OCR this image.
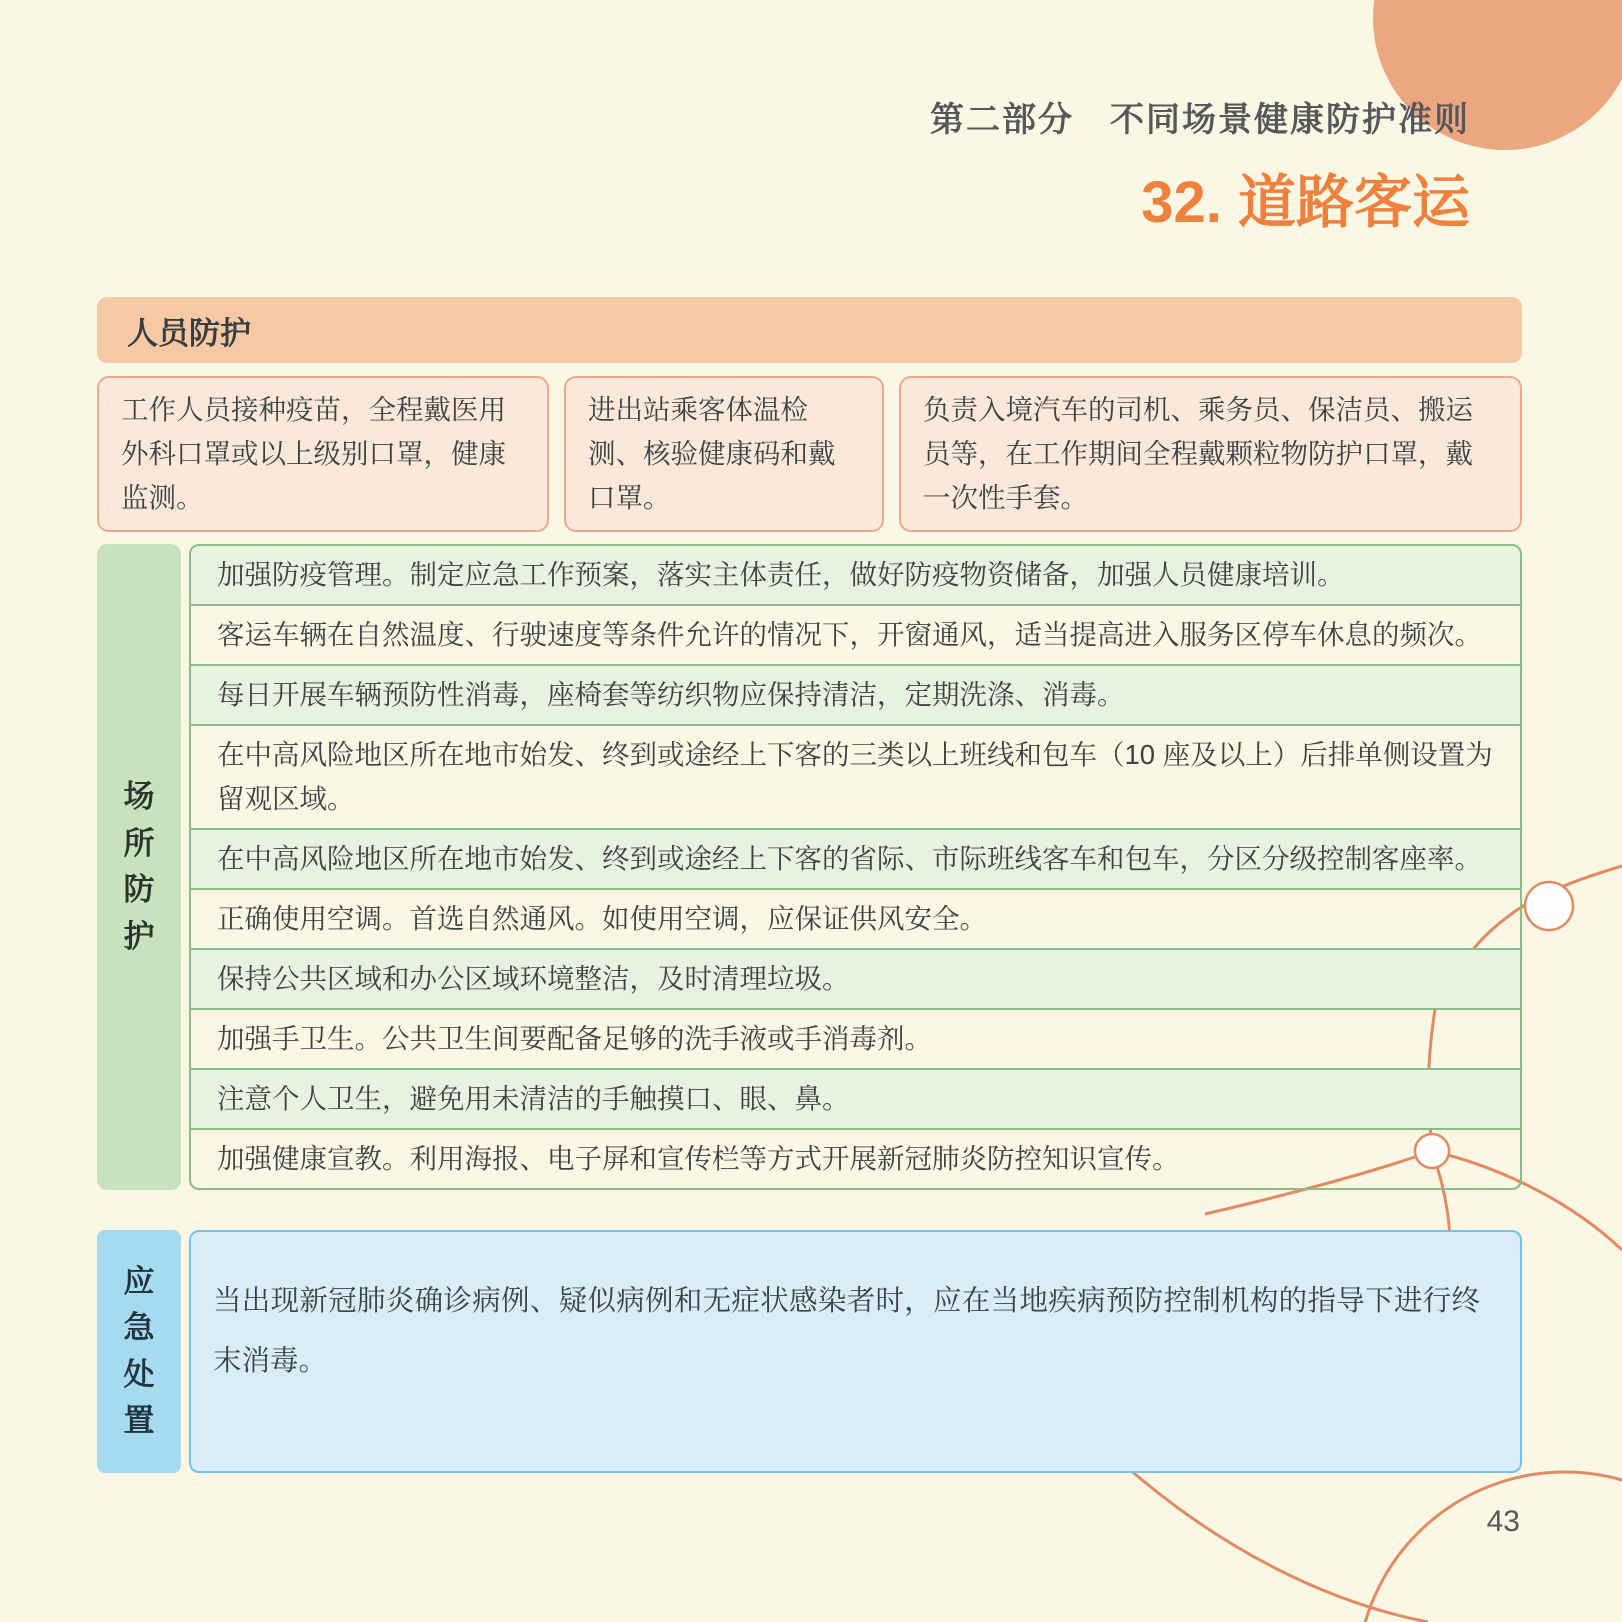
第二部分　不同场景健康防护准则
32. 道路客运
人员防护
工作人员接种疫苗，全程戴医用外科口罩或以上级别口罩，健康监测。
进出站乘客体温检测、核验健康码和戴口罩。
负责入境汽车的司机、乘务员、保洁员、搬运员等，在工作期间全程戴颗粒物防护口罩，戴一次性手套。
场所防护
加强防疫管理。制定应急工作预案，落实主体责任，做好防疫物资储备，加强人员健康培训。
客运车辆在自然温度、行驶速度等条件允许的情况下，开窗通风，适当提高进入服务区停车休息的频次。
每日开展车辆预防性消毒，座椅套等纺织物应保持清洁，定期洗涤、消毒。
在中高风险地区所在地市始发、终到或途经上下客的三类以上班线和包车（10 座及以上）后排单侧设置为留观区域。
在中高风险地区所在地市始发、终到或途经上下客的省际、市际班线客车和包车，分区分级控制客座率。
正确使用空调。首选自然通风。如使用空调，应保证供风安全。
保持公共区域和办公区域环境整洁，及时清理垃圾。
加强手卫生。公共卫生间要配备足够的洗手液或手消毒剂。
注意个人卫生，避免用未清洁的手触摸口、眼、鼻。
加强健康宣教。利用海报、电子屏和宣传栏等方式开展新冠肺炎防控知识宣传。
应急处置
当出现新冠肺炎确诊病例、疑似病例和无症状感染者时，应在当地疾病预防控制机构的指导下进行终末消毒。
43
